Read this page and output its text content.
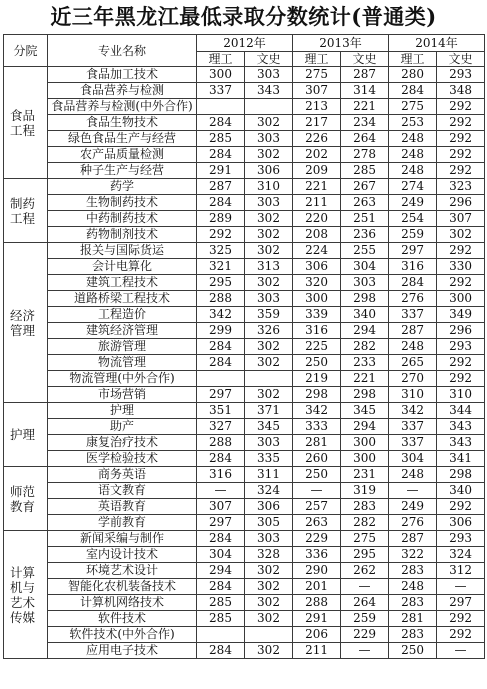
近三年黑龙江最低录取分数统计(普通类)
分院	专业名称	2012年		2013年		2014年	
		理工	文史	理工	文史	理工	文史
食品
工程	食品加工技术	300	303	275	287	280	293
	食品营养与检测	337	343	307	314	284	348
	食品营养与检测(中外合作)			213	221	275	292
	食品生物技术	284	302	217	234	253	292
	绿色食品生产与经营	285	303	226	264	248	292
	农产品质量检测	284	302	202	278	248	292
	种子生产与经营	291	306	209	285	248	292
制药
工程	药学	287	310	221	267	274	323
	生物制药技术	284	303	211	263	249	296
	中药制药技术	289	302	220	251	254	307
	药物制剂技术	292	302	208	236	259	302
经济
管理	报关与国际货运	325	302	224	255	297	292
	会计电算化	321	313	306	304	316	330
	建筑工程技术	295	302	320	303	284	292
	道路桥梁工程技术	288	303	300	298	276	300
	工程造价	342	359	339	340	337	349
	建筑经济管理	299	326	316	294	287	296
	旅游管理	284	302	225	282	248	293
	物流管理	284	302	250	233	265	292
	物流管理(中外合作)			219	221	270	292
	市场营销	297	302	298	298	310	310
护理	护理	351	371	342	345	342	344
	助产	327	345	333	294	337	343
	康复治疗技术	288	303	281	300	337	343
	医学检验技术	284	335	260	300	304	341
师范
教育	商务英语	316	311	250	231	248	298
	语文教育	—	324	—	319	—	340
	英语教育	307	306	257	283	249	292
	学前教育	297	305	263	282	276	306
计算
机与
艺术
传媒	新闻采编与制作	284	303	229	275	287	293
	室内设计技术	304	328	336	295	322	324
	环境艺术设计	294	302	290	262	283	312
	智能化农机装备技术	284	302	201	—	248	—
	计算机网络技术	285	302	288	264	283	297
	软件技术	285	302	291	259	281	292
	软件技术(中外合作)			206	229	283	292
	应用电子技术	284	302	211	—	250	—
